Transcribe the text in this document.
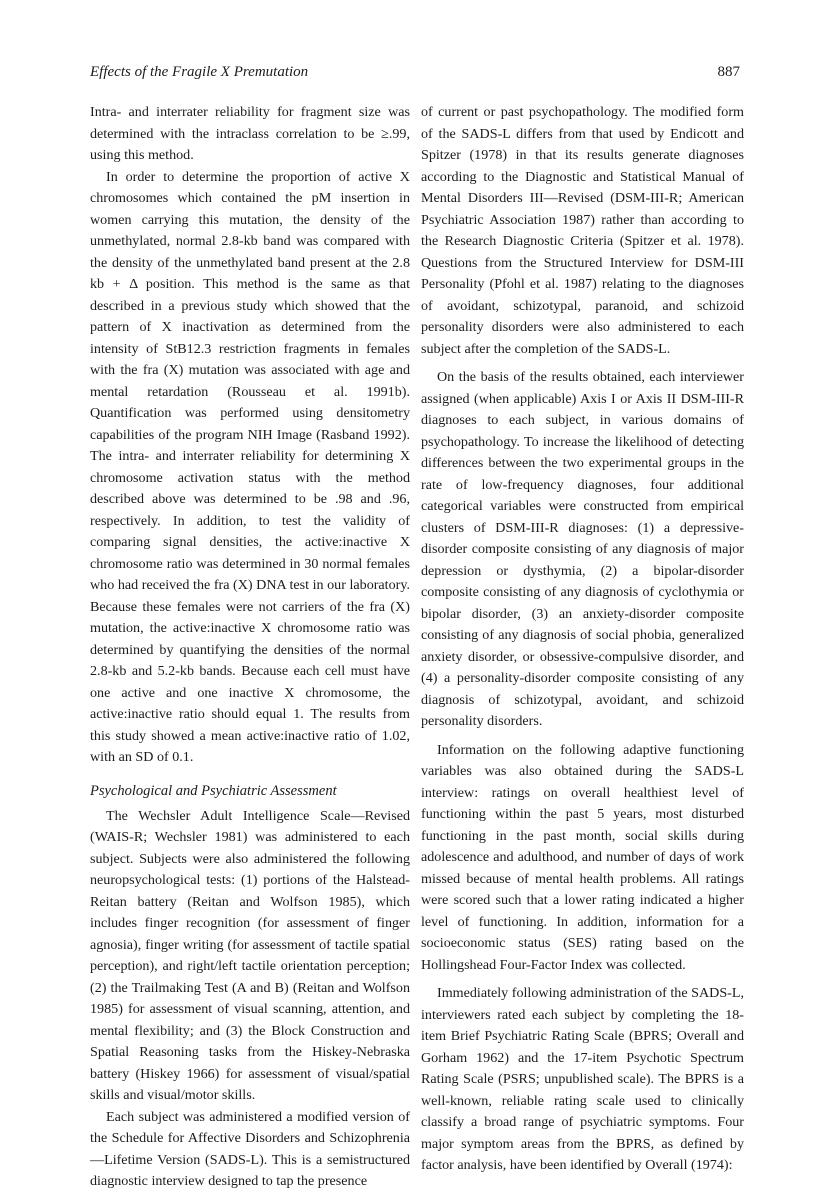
Effects of the Fragile X Premutation	887

Intra- and interrater reliability for fragment size was determined with the intraclass correlation to be ≥.99, using this method.

In order to determine the proportion of active X chromosomes which contained the pM insertion in women carrying this mutation, the density of the unmethylated, normal 2.8-kb band was compared with the density of the unmethylated band present at the 2.8 kb + Δ position. This method is the same as that described in a previous study which showed that the pattern of X inactivation as determined from the intensity of StB12.3 restriction fragments in females with the fra (X) mutation was associated with age and mental retardation (Rousseau et al. 1991b). Quantification was performed using densitometry capabilities of the program NIH Image (Rasband 1992). The intra- and interrater reliability for determining X chromosome activation status with the method described above was determined to be .98 and .96, respectively. In addition, to test the validity of comparing signal densities, the active:inactive X chromosome ratio was determined in 30 normal females who had received the fra (X) DNA test in our laboratory. Because these females were not carriers of the fra (X) mutation, the active:inactive X chromosome ratio was determined by quantifying the densities of the normal 2.8-kb and 5.2-kb bands. Because each cell must have one active and one inactive X chromosome, the active:inactive ratio should equal 1. The results from this study showed a mean active:inactive ratio of 1.02, with an SD of 0.1.

Psychological and Psychiatric Assessment

The Wechsler Adult Intelligence Scale—Revised (WAIS-R; Wechsler 1981) was administered to each subject. Subjects were also administered the following neuropsychological tests: (1) portions of the Halstead-Reitan battery (Reitan and Wolfson 1985), which includes finger recognition (for assessment of finger agnosia), finger writing (for assessment of tactile spatial perception), and right/left tactile orientation perception; (2) the Trailmaking Test (A and B) (Reitan and Wolfson 1985) for assessment of visual scanning, attention, and mental flexibility; and (3) the Block Construction and Spatial Reasoning tasks from the Hiskey-Nebraska battery (Hiskey 1966) for assessment of visual/spatial skills and visual/motor skills.

Each subject was administered a modified version of the Schedule for Affective Disorders and Schizophrenia—Lifetime Version (SADS-L). This is a semistructured diagnostic interview designed to tap the presence

of current or past psychopathology. The modified form of the SADS-L differs from that used by Endicott and Spitzer (1978) in that its results generate diagnoses according to the Diagnostic and Statistical Manual of Mental Disorders III—Revised (DSM-III-R; American Psychiatric Association 1987) rather than according to the Research Diagnostic Criteria (Spitzer et al. 1978). Questions from the Structured Interview for DSM-III Personality (Pfohl et al. 1987) relating to the diagnoses of avoidant, schizotypal, paranoid, and schizoid personality disorders were also administered to each subject after the completion of the SADS-L.

On the basis of the results obtained, each interviewer assigned (when applicable) Axis I or Axis II DSM-III-R diagnoses to each subject, in various domains of psychopathology. To increase the likelihood of detecting differences between the two experimental groups in the rate of low-frequency diagnoses, four additional categorical variables were constructed from empirical clusters of DSM-III-R diagnoses: (1) a depressive-disorder composite consisting of any diagnosis of major depression or dysthymia, (2) a bipolar-disorder composite consisting of any diagnosis of cyclothymia or bipolar disorder, (3) an anxiety-disorder composite consisting of any diagnosis of social phobia, generalized anxiety disorder, or obsessive-compulsive disorder, and (4) a personality-disorder composite consisting of any diagnosis of schizotypal, avoidant, and schizoid personality disorders.

Information on the following adaptive functioning variables was also obtained during the SADS-L interview: ratings on overall healthiest level of functioning within the past 5 years, most disturbed functioning in the past month, social skills during adolescence and adulthood, and number of days of work missed because of mental health problems. All ratings were scored such that a lower rating indicated a higher level of functioning. In addition, information for a socioeconomic status (SES) rating based on the Hollingshead Four-Factor Index was collected.

Immediately following administration of the SADS-L, interviewers rated each subject by completing the 18-item Brief Psychiatric Rating Scale (BPRS; Overall and Gorham 1962) and the 17-item Psychotic Spectrum Rating Scale (PSRS; unpublished scale). The BPRS is a well-known, reliable rating scale used to clinically classify a broad range of psychiatric symptoms. Four major symptom areas from the BPRS, as defined by factor analysis, have been identified by Overall (1974):
